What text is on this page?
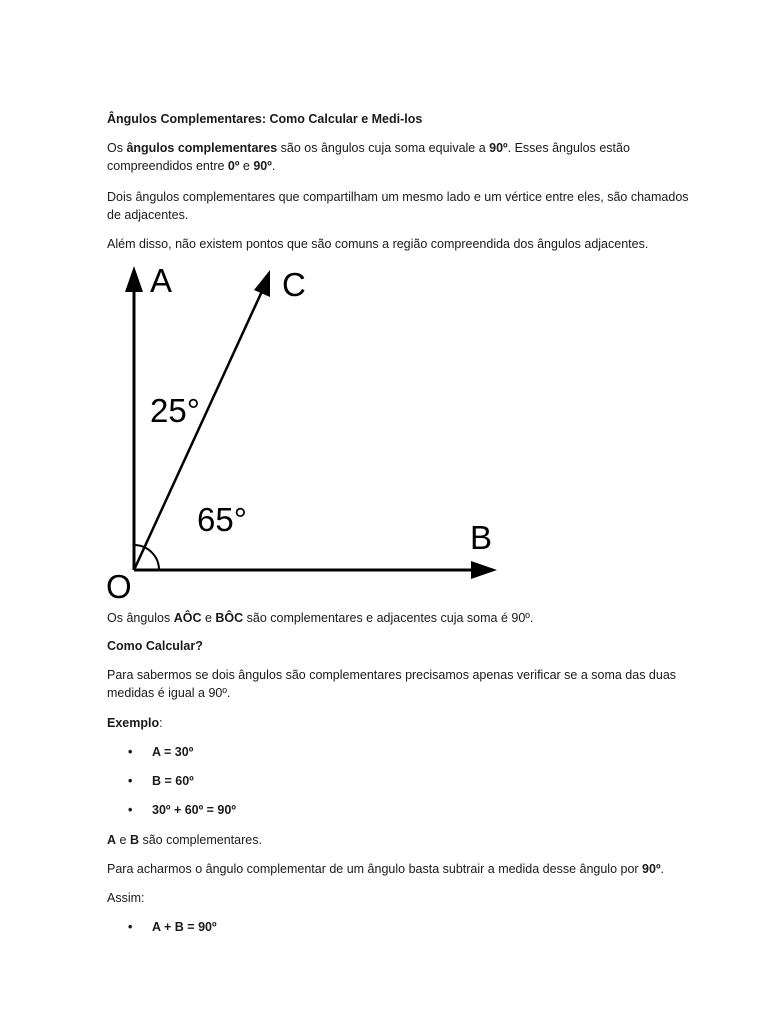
Ângulos Complementares: Como Calcular e Medi-los

Os ângulos complementares são os ângulos cuja soma equivale a 90º. Esses ângulos estão
compreendidos entre 0º e 90º.

Dois ângulos complementares que compartilham um mesmo lado e um vértice entre eles, são chamados
de adjacentes.

Além disso, não existem pontos que são comuns a região compreendida dos ângulos adjacentes.

A	C
B
O
25°
65°

Os ângulos AÔC e BÔC são complementares e adjacentes cuja soma é 90º.

Como Calcular?

Para sabermos se dois ângulos são complementares precisamos apenas verificar se a soma das duas
medidas é igual a 90º.

Exemplo:

• A = 30º

• B = 60º

• 30º + 60º = 90º

A e B são complementares.

Para acharmos o ângulo complementar de um ângulo basta subtrair a medida desse ângulo por 90º.

Assim:

• A + B = 90º
